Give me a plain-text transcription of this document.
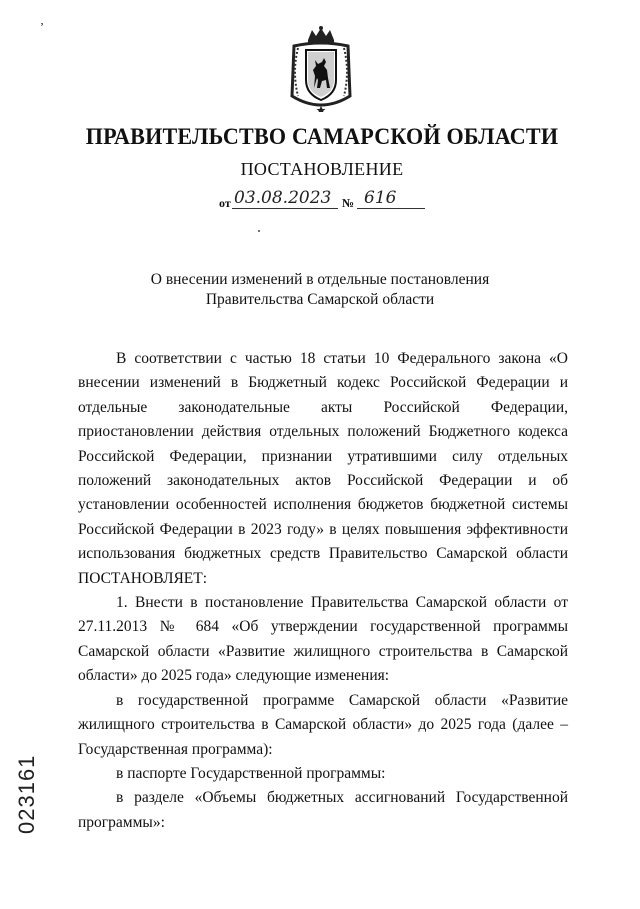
‚
ПРАВИТЕЛЬСТВО САМАРСКОЙ ОБЛАСТИ
ПОСТАНОВЛЕНИЕ
от 03.08.2023 № 616
О внесении изменений в отдельные постановления
Правительства Самарской области

В соответствии с частью 18 статьи 10 Федерального закона «О внесении изменений в Бюджетный кодекс Российской Федерации и отдельные законодательные акты Российской Федерации, приостановлении действия отдельных положений Бюджетного кодекса Российской Федерации, признании утратившими силу отдельных положений законодательных актов Российской Федерации и об установлении особенностей исполнения бюджетов бюджетной системы Российской Федерации в 2023 году» в целях повышения эффективности использования бюджетных средств Правительство Самарской области ПОСТАНОВЛЯЕТ:

1. Внести в постановление Правительства Самарской области от 27.11.2013 № 684 «Об утверждении государственной программы Самарской области «Развитие жилищного строительства в Самарской области» до 2025 года» следующие изменения:

в государственной программе Самарской области «Развитие жилищного строительства в Самарской области» до 2025 года (далее – Государственная программа):

в паспорте Государственной программы:

в разделе «Объемы бюджетных ассигнований Государственной программы»:

023161
